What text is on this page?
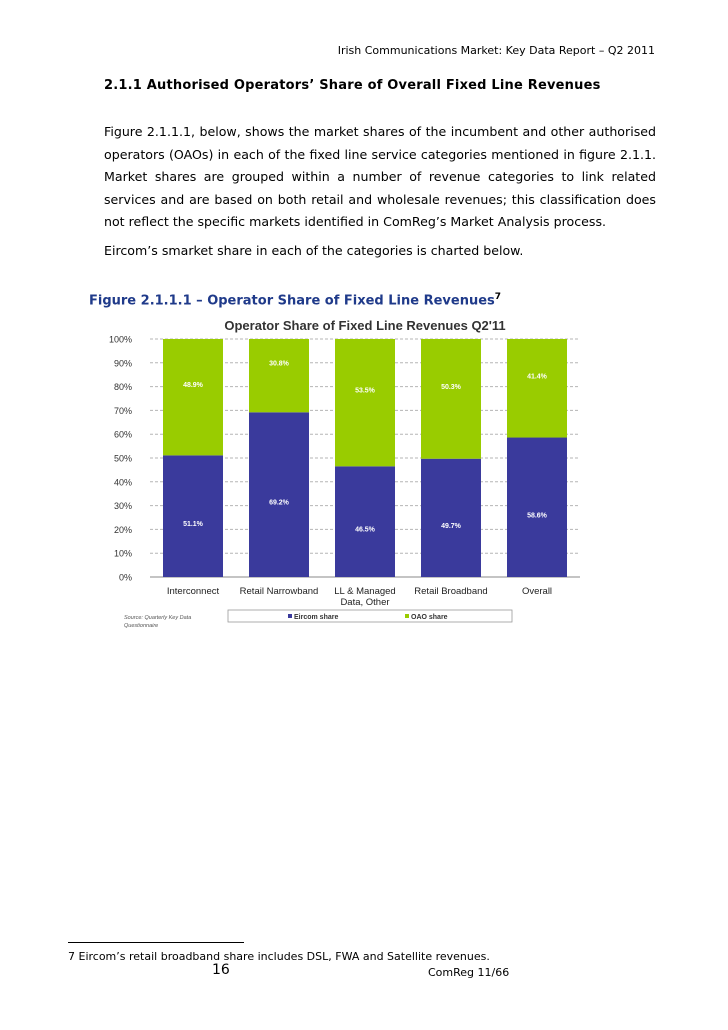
Irish Communications Market: Key Data Report – Q2 2011
2.1.1 Authorised Operators’ Share of Overall Fixed Line Revenues
Figure 2.1.1.1, below, shows the market shares of the incumbent and other authorised operators (OAOs) in each of the fixed line service categories mentioned in figure 2.1.1. Market shares are grouped within a number of revenue categories to link related services and are based on both retail and wholesale revenues; this classification does not reflect the specific markets identified in ComReg’s Market Analysis process.
Eircom’s smarket share in each of the categories is charted below.
Figure 2.1.1.1 – Operator Share of Fixed Line Revenues$^7$
Operator Share of Fixed Line Revenues Q2'11
0%
10%
20%
30%
40%
50%
60%
70%
80%
90%
100%
51.1%
48.9%
Interconnect
69.2%
30.8%
Retail Narrowband
46.5%
53.5%
LL & Managed
Data, Other
49.7%
50.3%
Retail Broadband
58.6%
41.4%
Overall
Source: Quarterly Key Data
Questionnaire
Eircom share	OAO share
7 Eircom’s retail broadband share includes DSL, FWA and Satellite revenues.
16	ComReg 11/66
